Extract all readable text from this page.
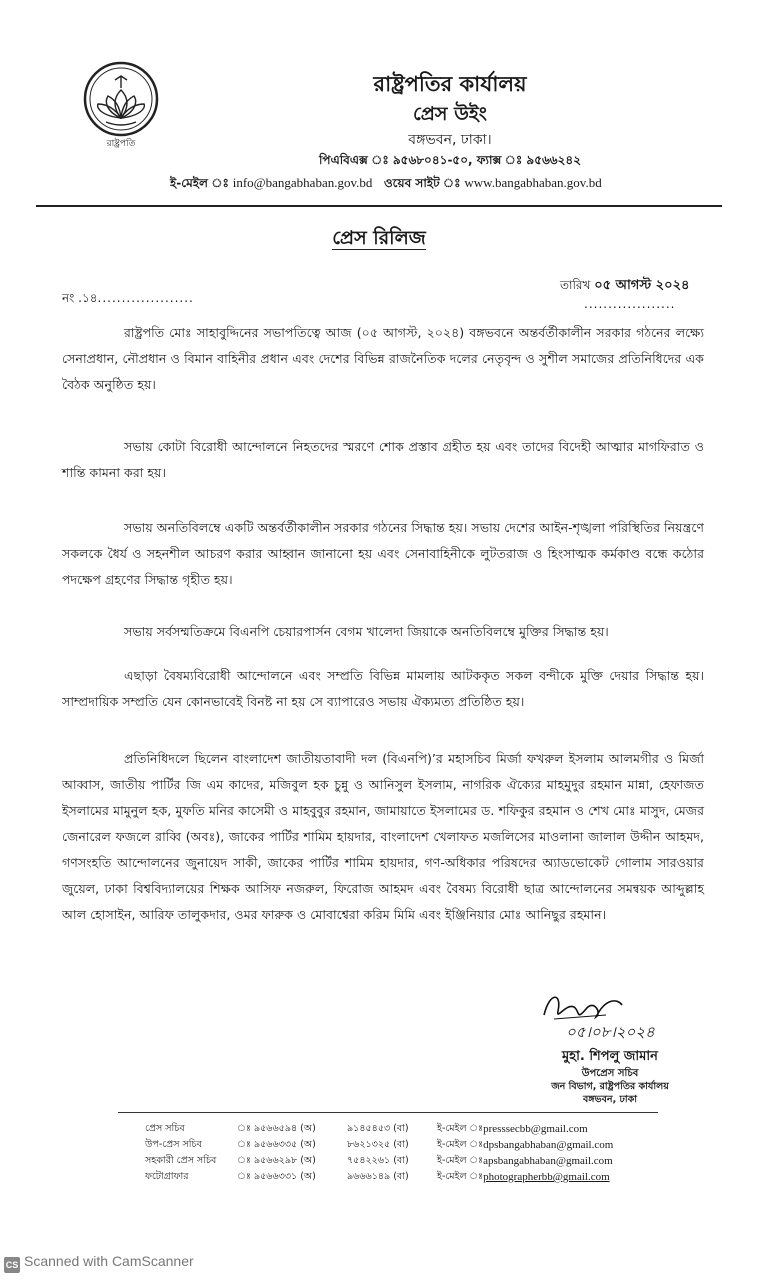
রাষ্ট্রপতি
রাষ্ট্রপতির কার্যালয়
প্রেস উইং
বঙ্গভবন, ঢাকা।
পিএবিএক্স ঃ ৯৫৬৮০৪১-৫০, ফ্যাক্স ঃ ৯৫৬৬২৪২
ই-মেইল ঃ info@bangabhaban.gov.bd ওয়েব সাইট ঃ www.bangabhaban.gov.bd
প্রেস রিলিজ
নং .১৪....................
তারিখ ০৫ আগস্ট ২০২৪
...................

রাষ্ট্রপতি মোঃ সাহাবুদ্দিনের সভাপতিত্বে আজ (০৫ আগস্ট, ২০২৪) বঙ্গভবনে অন্তর্বর্তীকালীন সরকার গঠনের লক্ষ্যে সেনাপ্রধান, নৌপ্রধান ও বিমান বাহিনীর প্রধান এবং দেশের বিভিন্ন রাজনৈতিক দলের নেতৃবৃন্দ ও সুশীল সমাজের প্রতিনিধিদের এক বৈঠক অনুষ্ঠিত হয়।

সভায় কোটা বিরোধী আন্দোলনে নিহতদের স্মরণে শোক প্রস্তাব গ্রহীত হয় এবং তাদের বিদেহী আত্মার মাগফিরাত ও শান্তি কামনা করা হয়।

সভায় অনতিবিলম্বে একটি অন্তর্বর্তীকালীন সরকার গঠনের সিদ্ধান্ত হয়। সভায় দেশের আইন-শৃঙ্খলা পরিস্থিতির নিয়ন্ত্রণে সকলকে ধৈর্য ও সহনশীল আচরণ করার আহ্বান জানানো হয় এবং সেনাবাহিনীকে লুটতরাজ ও হিংসাত্মক কর্মকাণ্ড বন্ধে কঠোর পদক্ষেপ গ্রহণের সিদ্ধান্ত গৃহীত হয়।

সভায় সর্বসম্মতিক্রমে বিএনপি চেয়ারপার্সন বেগম খালেদা জিয়াকে অনতিবিলম্বে মুক্তির সিদ্ধান্ত হয়।

এছাড়া বৈষম্যবিরোধী আন্দোলনে এবং সম্প্রতি বিভিন্ন মামলায় আটককৃত সকল বন্দীকে মুক্তি দেয়ার সিদ্ধান্ত হয়। সাম্প্রদায়িক সম্প্রতি যেন কোনভাবেই বিনষ্ট না হয় সে ব্যাপারেও সভায় ঐক্যমত্য প্রতিষ্ঠিত হয়।

প্রতিনিধিদলে ছিলেন বাংলাদেশ জাতীয়তাবাদী দল (বিএনপি)’র মহাসচিব মির্জা ফখরুল ইসলাম আলমগীর ও মির্জা আব্বাস, জাতীয় পার্টির জি এম কাদের, মজিবুল হক চুন্নু ও আনিসুল ইসলাম, নাগরিক ঐক্যের মাহমুদুর রহমান মান্না, হেফাজত ইসলামের মামুনুল হক, মুফতি মনির কাসেমী ও মাহবুবুর রহমান, জামায়াতে ইসলামের ড. শফিকুর রহমান ও শেখ মোঃ মাসুদ, মেজর জেনারেল ফজলে রাব্বি (অবঃ), জাকের পার্টির শামিম হায়দার, বাংলাদেশ খেলাফত মজলিসের মাওলানা জালাল উদ্দীন আহমদ, গণসংহতি আন্দোলনের জুনায়েদ সাকী, জাকের পার্টির শামিম হায়দার, গণ-অধিকার পরিষদের অ্যাডভোকেট গোলাম সারওয়ার জুয়েল, ঢাকা বিশ্ববিদ্যালয়ের শিক্ষক আসিফ নজরুল, ফিরোজ আহমদ এবং বৈষম্য বিরোধী ছাত্র আন্দোলনের সমন্বয়ক আব্দুল্লাহ আল হোসাইন, আরিফ তালুকদার, ওমর ফারুক ও মোবাশ্বেরা করিম মিমি এবং ইঞ্জিনিয়ার মোঃ আনিছুর রহমান।

০৫।০৮।২০২৪
মুহা. শিপলু জামান
উপপ্রেস সচিব
জন বিভাগ, রাষ্ট্রপতির কার্যালয়
বঙ্গভবন, ঢাকা
প্রেস সচিব	ঃ ৯৫৬৬৫৯৪ (অ)	৯১৪৫৪৫৩ (বা)	ই-মেইল ঃ	presssecbb@gmail.com
উপ-প্রেস সচিব	ঃ ৯৫৬৬৩৩৫ (অ)	৮৬২১৩২৫ (বা)	ই-মেইল ঃ	dpsbangabhaban@gmail.com
সহকারী প্রেস সচিব	ঃ ৯৫৬৬২৯৮ (অ)	৭৫৪২২৬১ (বা)	ই-মেইল ঃ	apsbangabhaban@gmail.com
ফটোগ্রাফার	ঃ ৯৫৬৬৩৩১ (অ)	৯৬৬৬১৪৯ (বা)	ই-মেইল ঃ	photographerbb@gmail.com
CS Scanned with CamScanner
